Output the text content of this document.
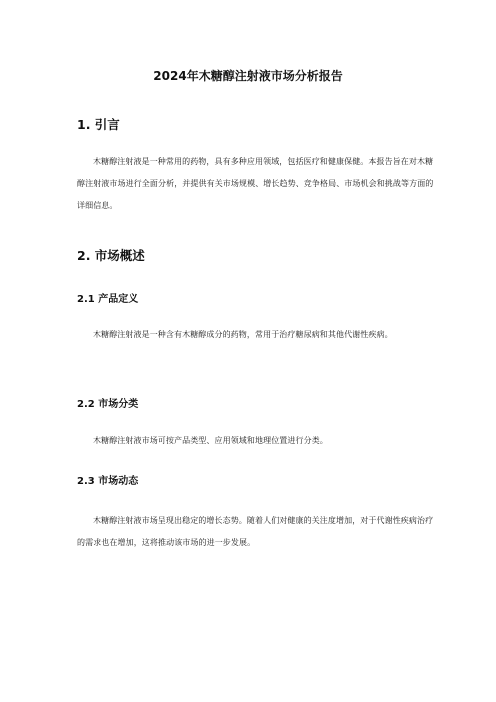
2024年木糖醇注射液市场分析报告
1. 引言
木糖醇注射液是一种常用的药物，具有多种应用领域，包括医疗和健康保健。本报告旨在对木糖醇注射液市场进行全面分析，并提供有关市场规模、增长趋势、竞争格局、市场机会和挑战等方面的详细信息。
2. 市场概述
2.1 产品定义
木糖醇注射液是一种含有木糖醇成分的药物，常用于治疗糖尿病和其他代谢性疾病。
2.2 市场分类
木糖醇注射液市场可按产品类型、应用领域和地理位置进行分类。
2.3 市场动态
木糖醇注射液市场呈现出稳定的增长态势。随着人们对健康的关注度增加，对于代谢性疾病治疗的需求也在增加，这将推动该市场的进一步发展。
